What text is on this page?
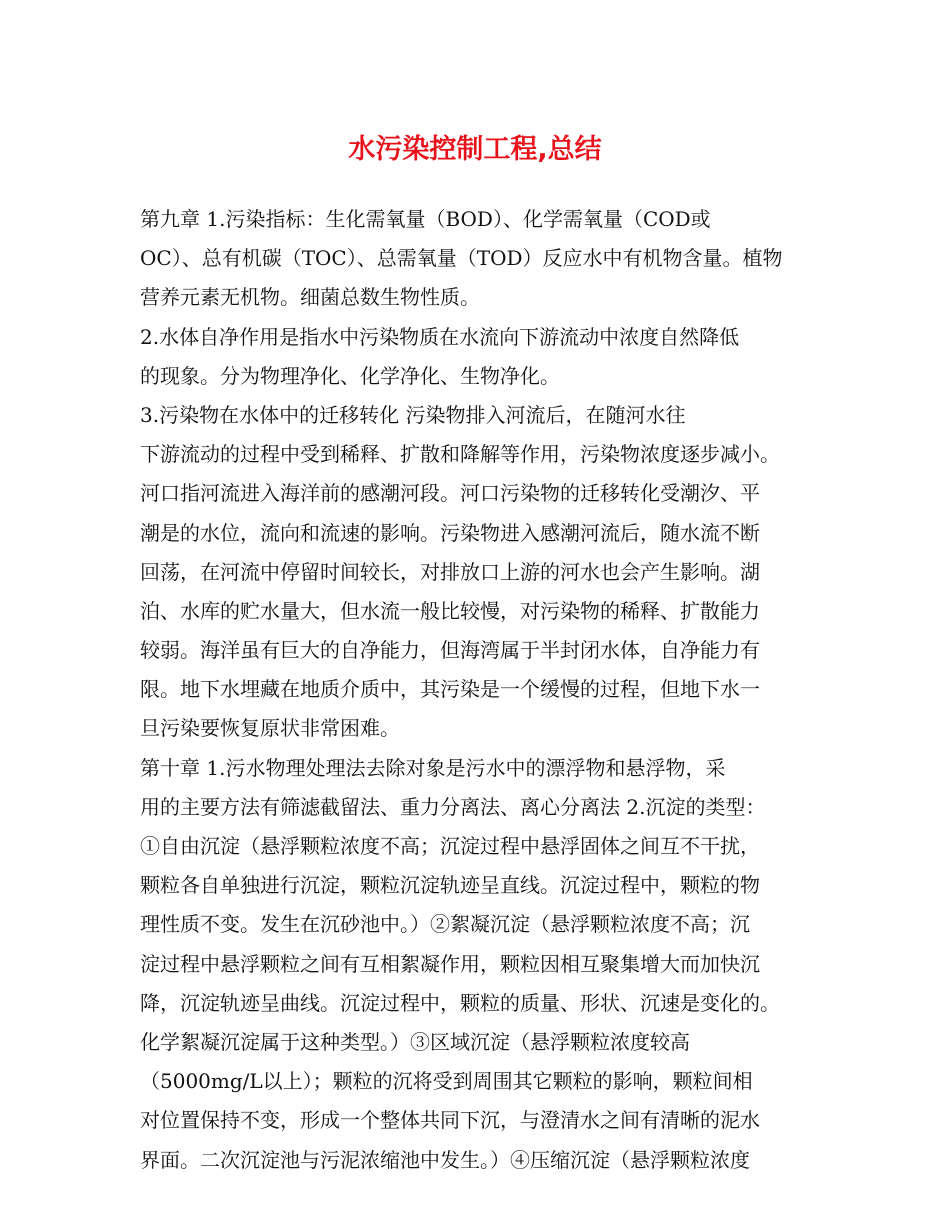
水污染控制工程,总结
第九章 1.污染指标：生化需氧量（BOD）、化学需氧量（COD或
OC）、总有机碳（TOC）、总需氧量（TOD）反应水中有机物含量。植物
营养元素无机物。细菌总数生物性质。
2.水体自净作用是指水中污染物质在水流向下游流动中浓度自然降低
的现象。分为物理净化、化学净化、生物净化。
3.污染物在水体中的迁移转化 污染物排入河流后，在随河水往
下游流动的过程中受到稀释、扩散和降解等作用，污染物浓度逐步减小。
河口指河流进入海洋前的感潮河段。河口污染物的迁移转化受潮汐、平
潮是的水位，流向和流速的影响。污染物进入感潮河流后，随水流不断
回荡，在河流中停留时间较长，对排放口上游的河水也会产生影响。湖
泊、水库的贮水量大，但水流一般比较慢，对污染物的稀释、扩散能力
较弱。海洋虽有巨大的自净能力，但海湾属于半封闭水体，自净能力有
限。地下水埋藏在地质介质中，其污染是一个缓慢的过程，但地下水一
旦污染要恢复原状非常困难。
第十章 1.污水物理处理法去除对象是污水中的漂浮物和悬浮物，采
用的主要方法有筛滤截留法、重力分离法、离心分离法 2.沉淀的类型：
①自由沉淀（悬浮颗粒浓度不高；沉淀过程中悬浮固体之间互不干扰，
颗粒各自单独进行沉淀，颗粒沉淀轨迹呈直线。沉淀过程中，颗粒的物
理性质不变。发生在沉砂池中。）②絮凝沉淀（悬浮颗粒浓度不高；沉
淀过程中悬浮颗粒之间有互相絮凝作用，颗粒因相互聚集增大而加快沉
降，沉淀轨迹呈曲线。沉淀过程中，颗粒的质量、形状、沉速是变化的。
化学絮凝沉淀属于这种类型。）③区域沉淀（悬浮颗粒浓度较高
（5000mg/L以上）；颗粒的沉将受到周围其它颗粒的影响，颗粒间相
对位置保持不变，形成一个整体共同下沉，与澄清水之间有清晰的泥水
界面。二次沉淀池与污泥浓缩池中发生。）④压缩沉淀（悬浮颗粒浓度
